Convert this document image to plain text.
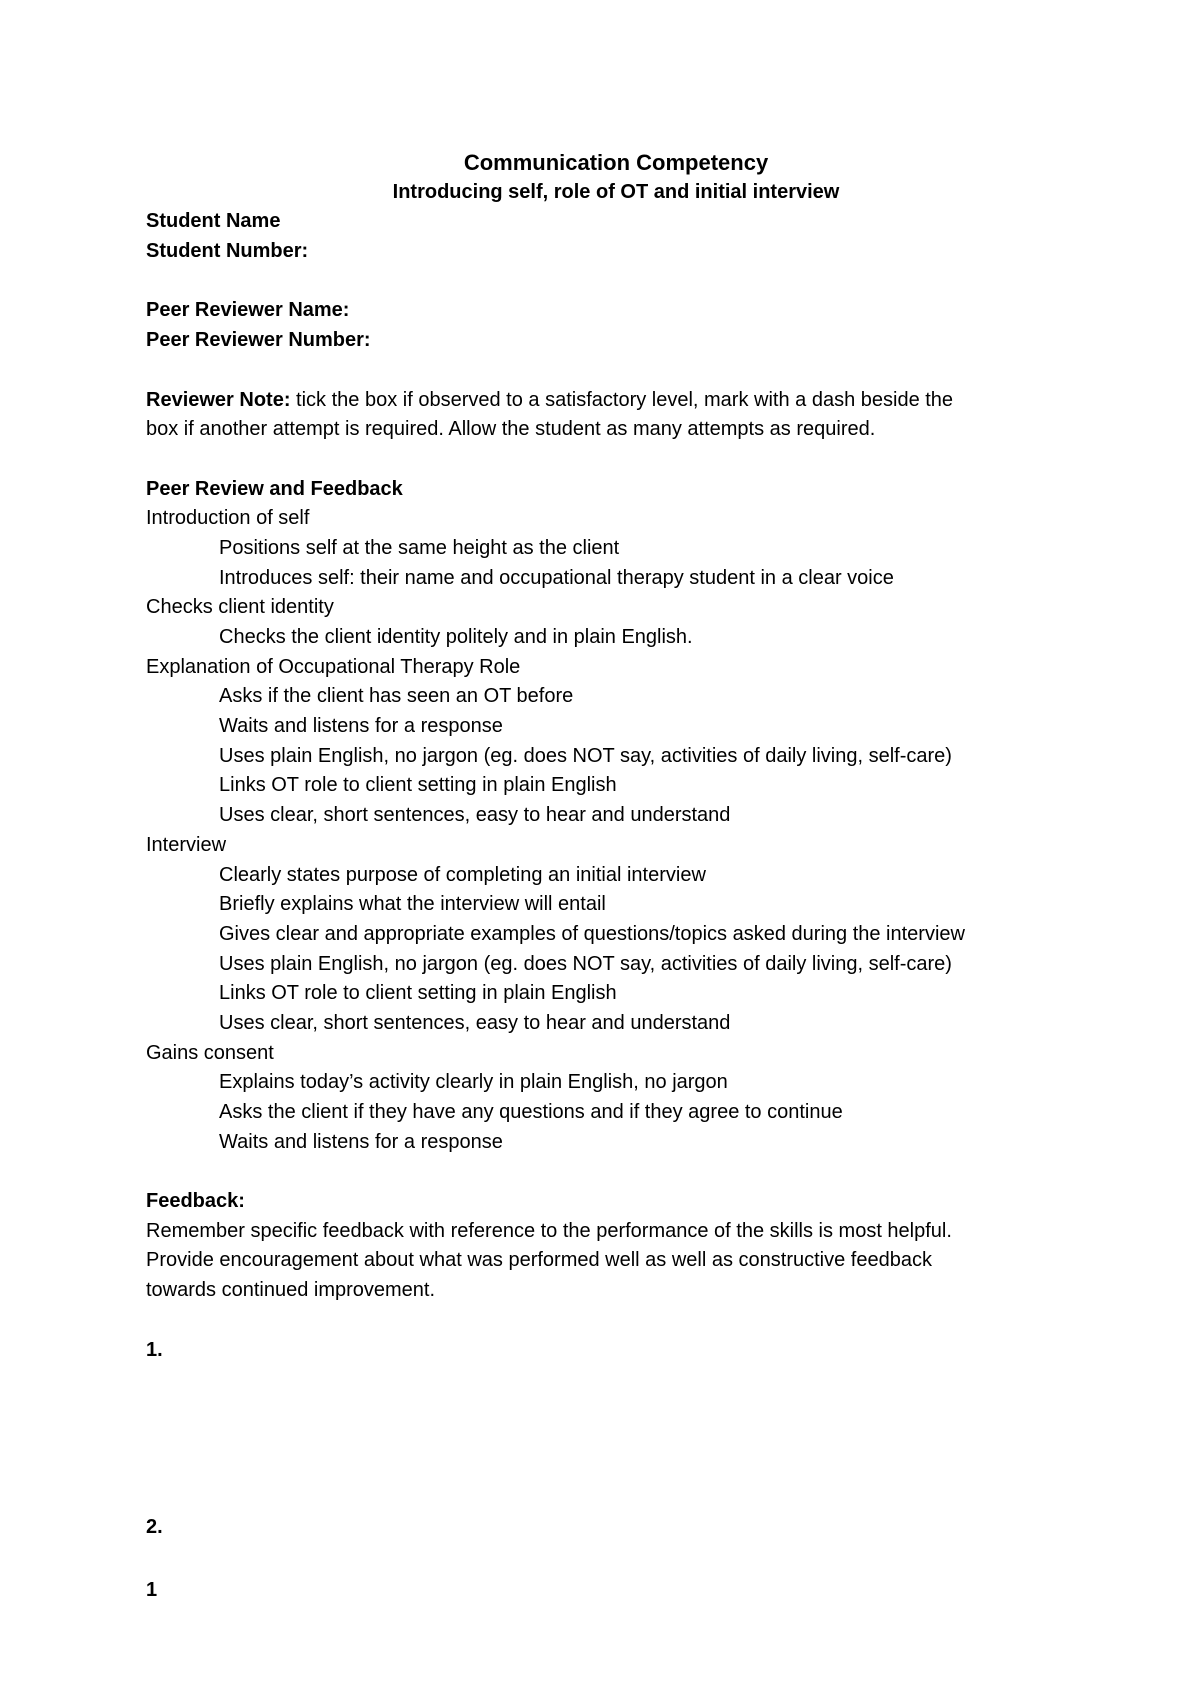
Communication Competency
Introducing self, role of OT and initial interview
Student Name
Student Number:
Peer Reviewer Name:
Peer Reviewer Number:
Reviewer Note: tick the box if observed to a satisfactory level, mark with a dash beside the
box if another attempt is required. Allow the student as many attempts as required.
Peer Review and Feedback
Introduction of self
Positions self at the same height as the client
Introduces self: their name and occupational therapy student in a clear voice
Checks client identity
Checks the client identity politely and in plain English.
Explanation of Occupational Therapy Role
Asks if the client has seen an OT before
Waits and listens for a response
Uses plain English, no jargon (eg. does NOT say, activities of daily living, self-care)
Links OT role to client setting in plain English
Uses clear, short sentences, easy to hear and understand
Interview
Clearly states purpose of completing an initial interview
Briefly explains what the interview will entail
Gives clear and appropriate examples of questions/topics asked during the interview
Uses plain English, no jargon (eg. does NOT say, activities of daily living, self-care)
Links OT role to client setting in plain English
Uses clear, short sentences, easy to hear and understand
Gains consent
Explains today’s activity clearly in plain English, no jargon
Asks the client if they have any questions and if they agree to continue
Waits and listens for a response
Feedback:
Remember specific feedback with reference to the performance of the skills is most helpful.
Provide encouragement about what was performed well as well as constructive feedback
towards continued improvement.
1.
2.
1
